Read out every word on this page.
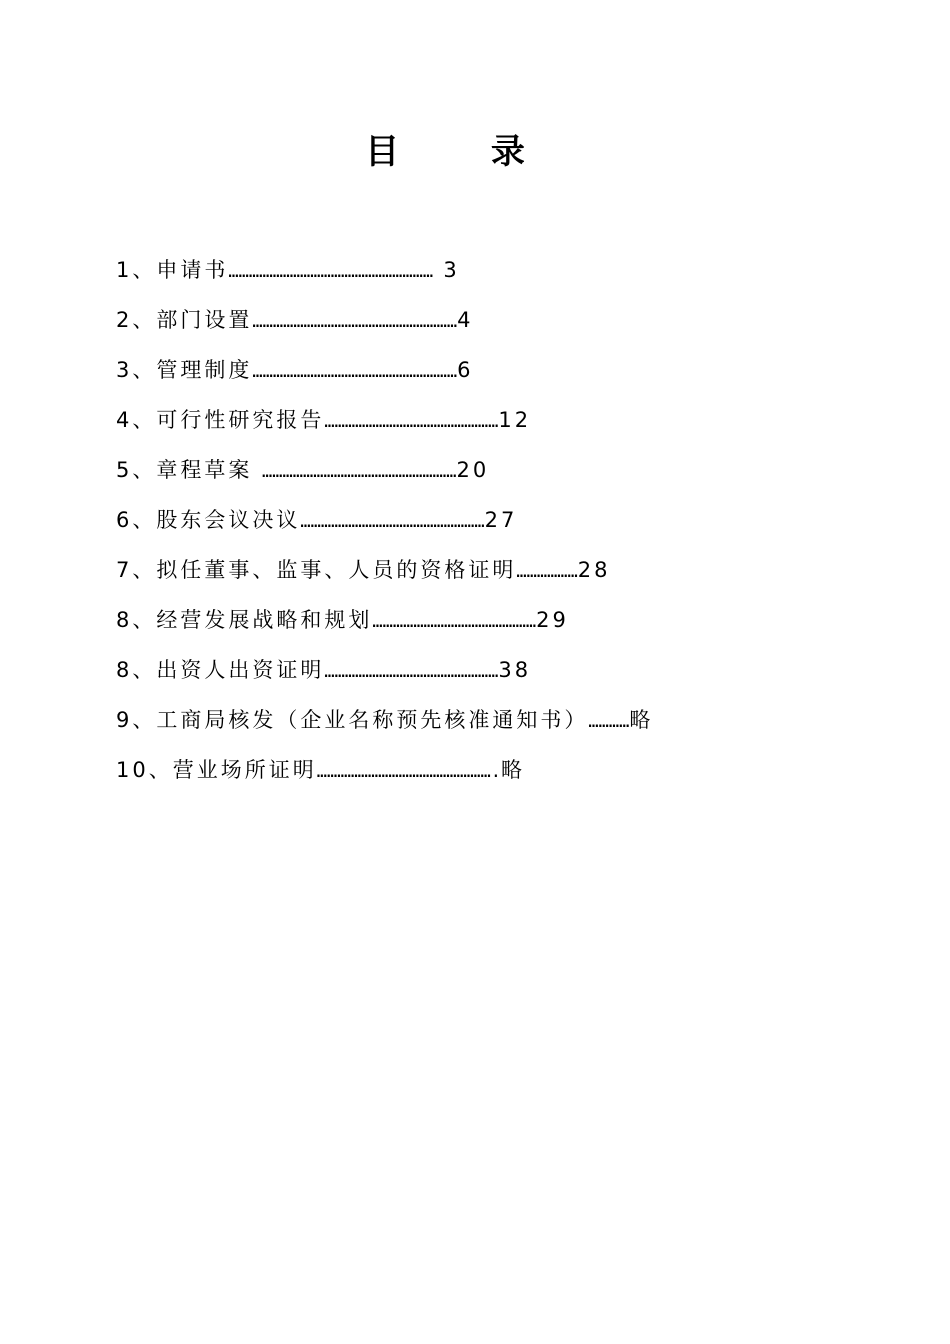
目 录
1、申请书…………………………………………………… 3
2、部门设置……………………………………………………4
3、管理制度……………………………………………………6
4、可行性研究报告……………………………………………12
5、章程草案 …………………………………………………20
6、股东会议决议………………………………………………27
7、拟任董事、监事、人员的资格证明………………28
8、经营发展战略和规划…………………………………………29
8、出资人出资证明……………………………………………38
9、工商局核发（企业名称预先核准通知书）…………略
10、营业场所证明…………………………………………….略
